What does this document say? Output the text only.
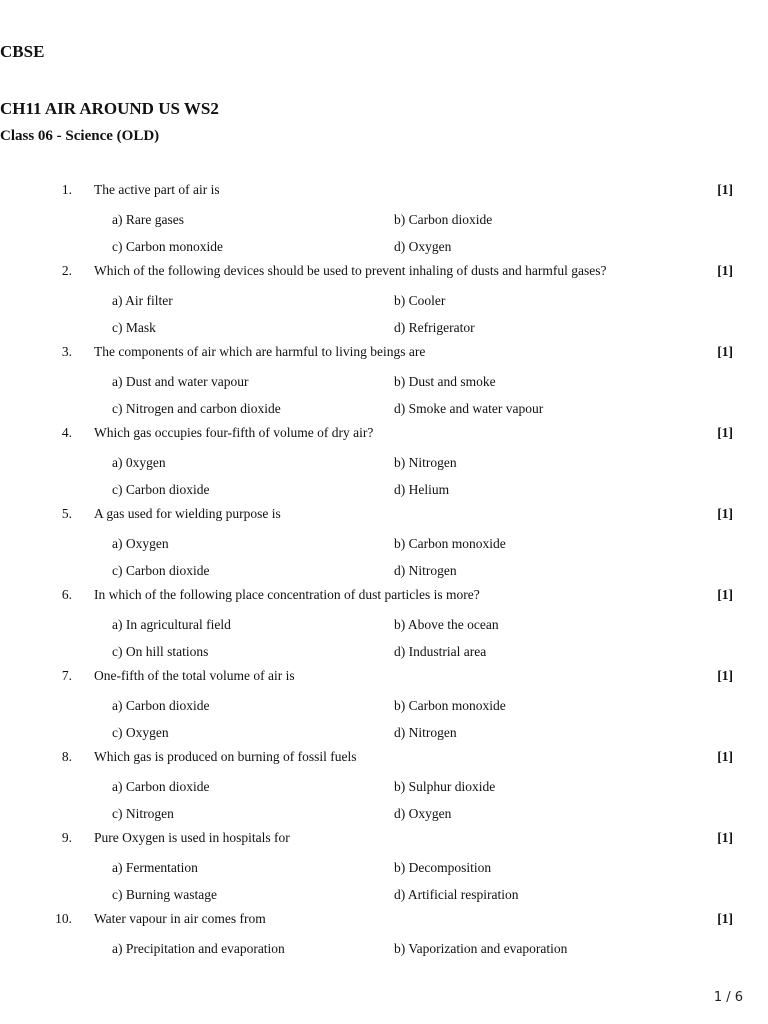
CBSE
CH11 AIR AROUND US WS2
Class 06 - Science (OLD)
1. The active part of air is	[1]
a) Rare gases	b) Carbon dioxide
c) Carbon monoxide	d) Oxygen
2. Which of the following devices should be used to prevent inhaling of dusts and harmful gases?	[1]
a) Air filter	b) Cooler
c) Mask	d) Refrigerator
3. The components of air which are harmful to living beings are	[1]
a) Dust and water vapour	b) Dust and smoke
c) Nitrogen and carbon dioxide	d) Smoke and water vapour
4. Which gas occupies four-fifth of volume of dry air?	[1]
a) 0xygen	b) Nitrogen
c) Carbon dioxide	d) Helium
5. A gas used for wielding purpose is	[1]
a) Oxygen	b) Carbon monoxide
c) Carbon dioxide	d) Nitrogen
6. In which of the following place concentration of dust particles is more?	[1]
a) In agricultural field	b) Above the ocean
c) On hill stations	d) Industrial area
7. One-fifth of the total volume of air is	[1]
a) Carbon dioxide	b) Carbon monoxide
c) Oxygen	d) Nitrogen
8. Which gas is produced on burning of fossil fuels	[1]
a) Carbon dioxide	b) Sulphur dioxide
c) Nitrogen	d) Oxygen
9. Pure Oxygen is used in hospitals for	[1]
a) Fermentation	b) Decomposition
c) Burning wastage	d) Artificial respiration
10. Water vapour in air comes from	[1]
a) Precipitation and evaporation	b) Vaporization and evaporation
1 / 6
